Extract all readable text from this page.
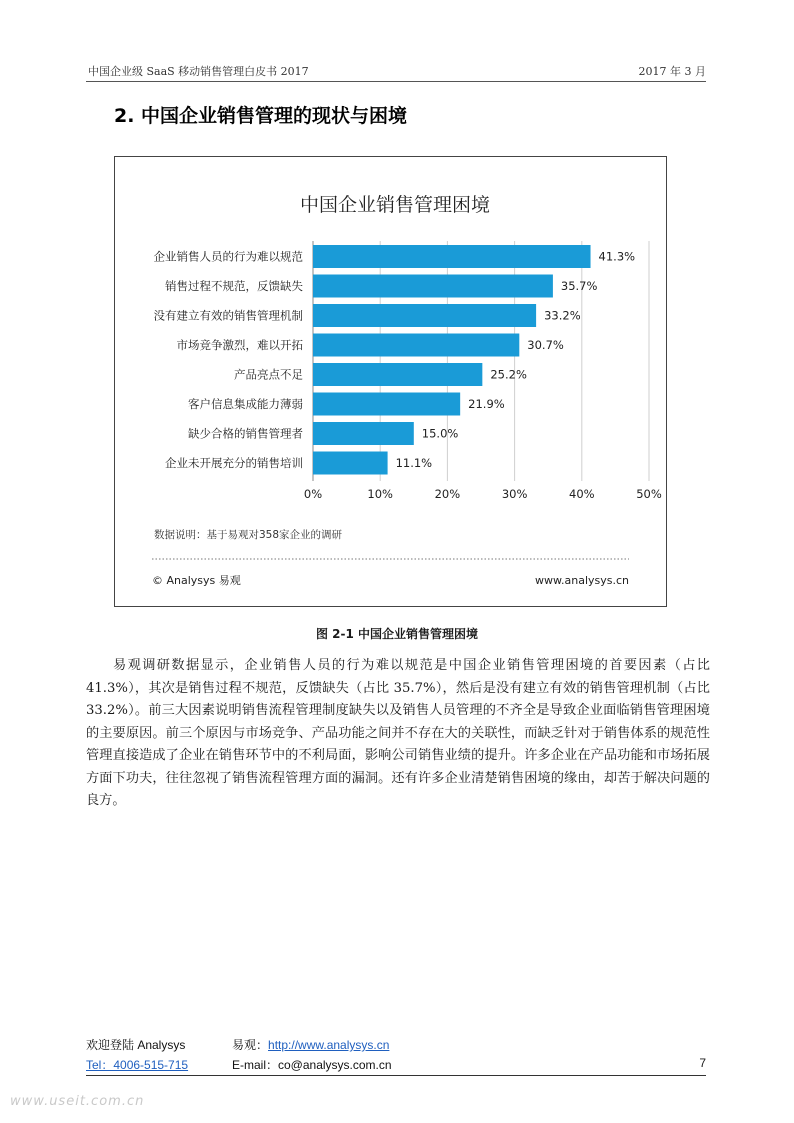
中国企业级 SaaS 移动销售管理白皮书 2017	2017 年 3 月
2. 中国企业销售管理的现状与困境
中国企业销售管理困境
0%	10%	20%	30%	40%	50%
企业销售人员的行为难以规范	41.3%
销售过程不规范，反馈缺失	35.7%
没有建立有效的销售管理机制	33.2%
市场竞争激烈，难以开拓	30.7%
产品亮点不足	25.2%
客户信息集成能力薄弱	21.9%
缺少合格的销售管理者	15.0%
企业未开展充分的销售培训	11.1%
数据说明：基于易观对358家企业的调研
© Analysys 易观	www.analysys.cn
图 2-1 中国企业销售管理困境

易观调研数据显示，企业销售人员的行为难以规范是中国企业销售管理困境的首要因素（占比41.3%），其次是销售过程不规范，反馈缺失（占比 35.7%），然后是没有建立有效的销售管理机制（占比 33.2%）。前三大因素说明销售流程管理制度缺失以及销售人员管理的不齐全是导致企业面临销售管理困境的主要原因。前三个原因与市场竞争、产品功能之间并不存在大的关联性，而缺乏针对于销售体系的规范性管理直接造成了企业在销售环节中的不利局面，影响公司销售业绩的提升。许多企业在产品功能和市场拓展方面下功夫，往往忽视了销售流程管理方面的漏洞。还有许多企业清楚销售困境的缘由，却苦于解决问题的良方。

欢迎登陆 Analysys	易观：http://www.analysys.cn
Tel：4006-515-715	E-mail：co@analysys.com.cn	7
www.useit.com.cn
